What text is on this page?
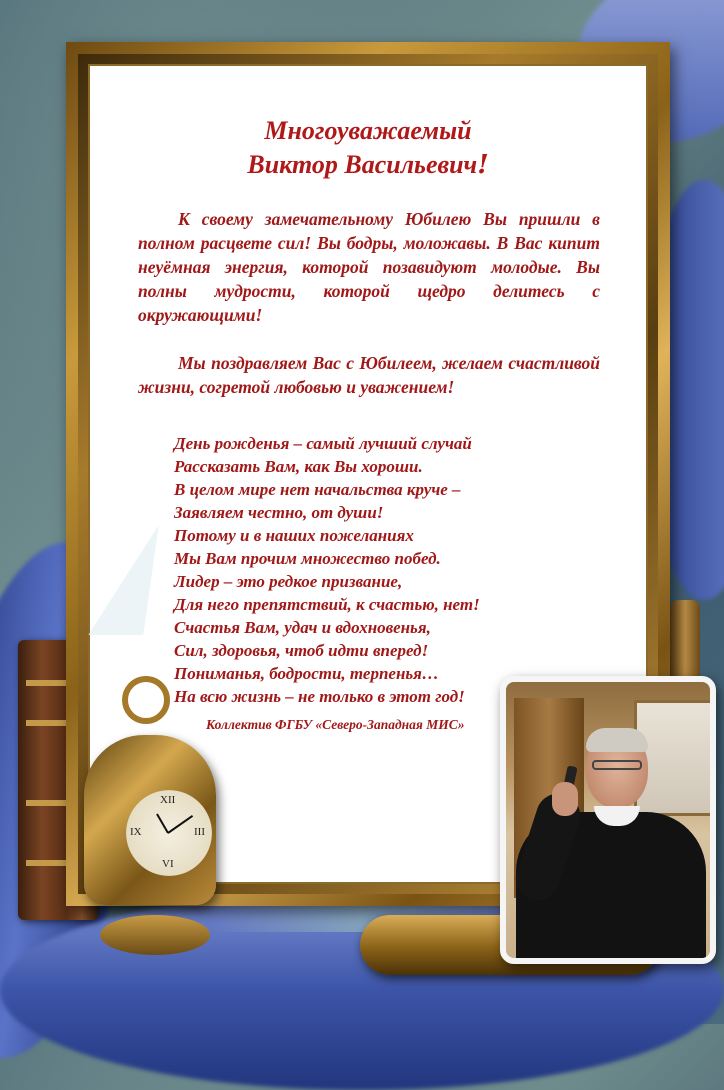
Многоуважаемый
Виктор Васильевич!

К своему замечательному Юбилею Вы пришли в полном расцвете сил! Вы бодры, моложавы. В Вас кипит неуёмная энергия, которой позавидуют молодые. Вы полны мудрости, которой щедро делитесь с окружающими!

Мы поздравляем Вас с Юбилеем, желаем счастливой жизни, согретой любовью и уважением!

День рожденья – самый лучший случай
Рассказать Вам, как Вы хороши.
В целом мире нет начальства круче –
Заявляем честно, от души!
Потому и в наших пожеланиях
Мы Вам прочим множество побед.
Лидер – это редкое призвание,
Для него препятствий, к счастью, нет!
Счастья Вам, удач и вдохновенья,
Сил, здоровья, чтоб идти вперед!
Пониманья, бодрости, терпенья…
На всю жизнь – не только в этот год!
Коллектив ФГБУ «Северо-Западная МИС»
XII
III
VI
IX
